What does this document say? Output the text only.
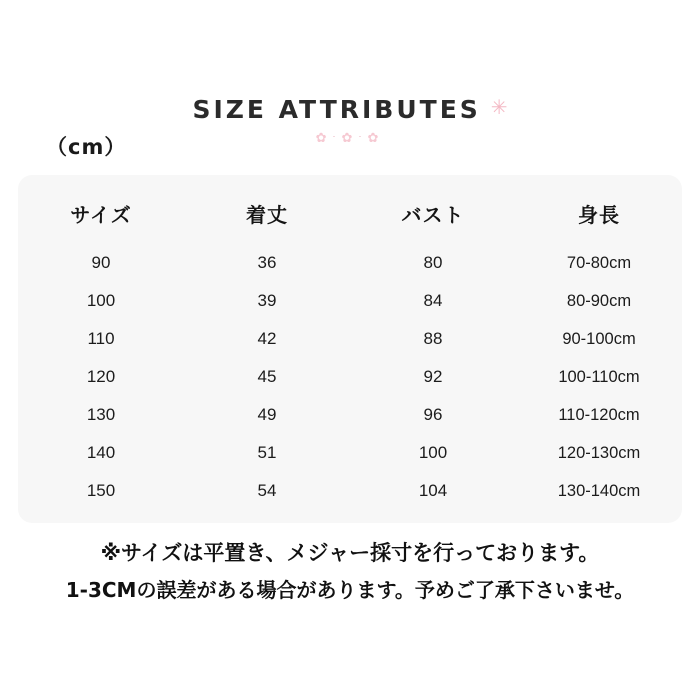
SIZE ATTRIBUTES ✳
✿·✿·✿
（cm）
サイズ	着丈	バスト	身長
90	36	80	70-80cm
100	39	84	80-90cm
110	42	88	90-100cm
120	45	92	100-110cm
130	49	96	110-120cm
140	51	100	120-130cm
150	54	104	130-140cm
※サイズは平置き、メジャー採寸を行っております。
1-3CMの誤差がある場合があります。予めご了承下さいませ。
